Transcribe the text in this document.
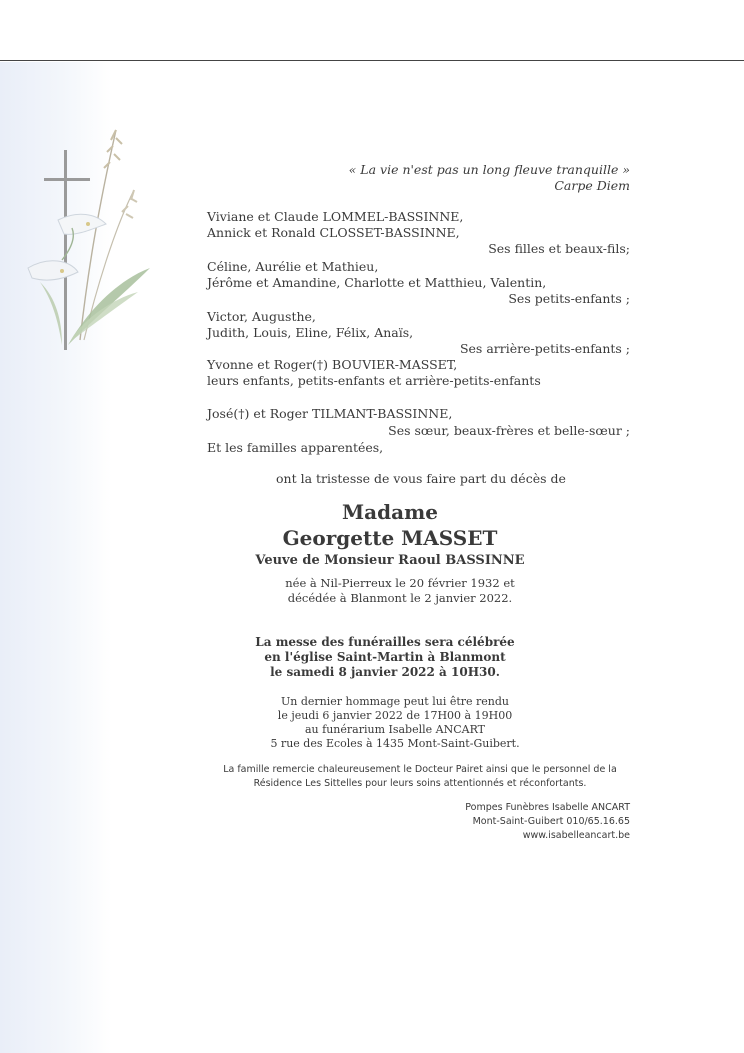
« La vie n'est pas un long fleuve tranquille »

Carpe Diem

Viviane et Claude LOMMEL-BASSINNE,

Annick et Ronald CLOSSET-BASSINNE,

Ses filles et beaux-fils;

Céline, Aurélie et Mathieu,

Jérôme et Amandine, Charlotte et Matthieu, Valentin,

Ses petits-enfants ;

Victor, Augusthe,

Judith, Louis, Eline, Félix, Anaïs,

Ses arrière-petits-enfants ;

Yvonne et Roger(†) BOUVIER-MASSET,

leurs enfants, petits-enfants et arrière-petits-enfants

José(†) et Roger TILMANT-BASSINNE,

Ses sœur, beaux-frères et belle-sœur ;

Et les familles apparentées,

ont la tristesse de vous faire part du décès de

Madame

Georgette MASSET

Veuve de Monsieur Raoul BASSINNE

née à Nil-Pierreux le 20 février 1932 et

décédée à Blanmont le 2 janvier 2022.

La messe des funérailles sera célébrée

en l'église Saint-Martin à Blanmont

le samedi 8 janvier 2022 à 10H30.

Un dernier hommage peut lui être rendu

le jeudi 6 janvier 2022 de 17H00 à 19H00

au funérarium Isabelle ANCART

5 rue des Ecoles à 1435 Mont-Saint-Guibert.

La famille remercie chaleureusement le Docteur Pairet ainsi que le personnel de la

Résidence Les Sittelles pour leurs soins attentionnés et réconfortants.

Pompes Funèbres Isabelle ANCART

Mont-Saint-Guibert 010/65.16.65

www.isabelleancart.be
